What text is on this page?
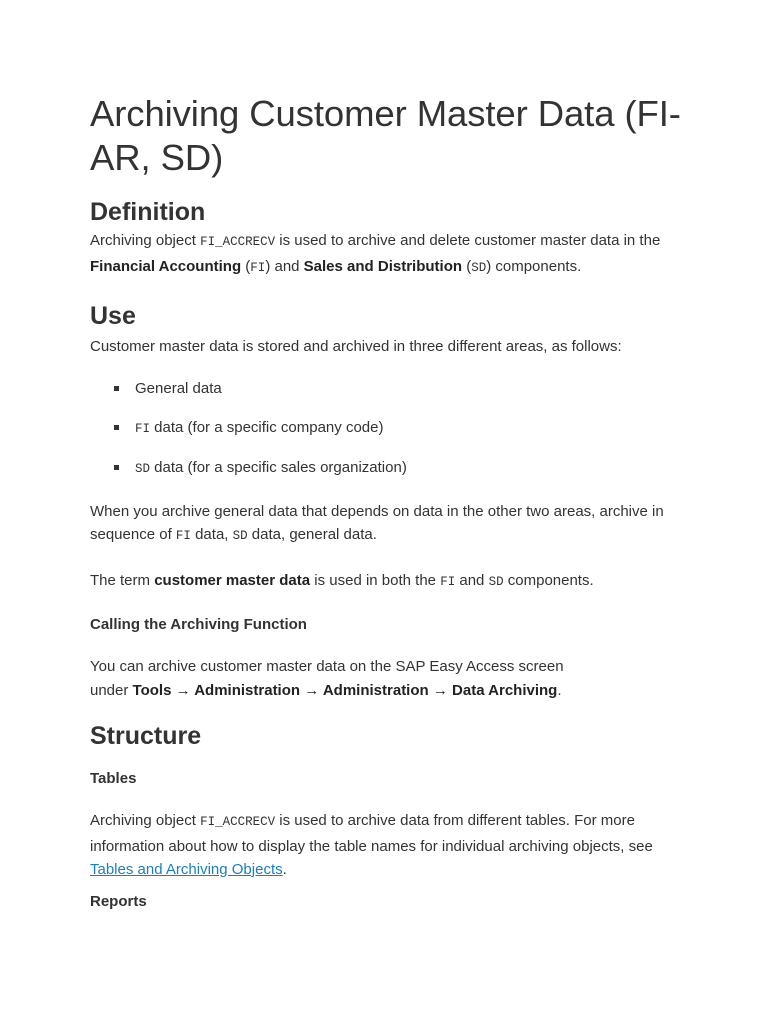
Archiving Customer Master Data (FI-AR, SD)
Definition

Archiving object FI_ACCRECV is used to archive and delete customer master data in the Financial Accounting (FI) and Sales and Distribution (SD) components.

Use

Customer master data is stored and archived in three different areas, as follows:

General data
FI data (for a specific company code)
SD data (for a specific sales organization)

When you archive general data that depends on data in the other two areas, archive in sequence of FI data, SD data, general data.

The term customer master data is used in both the FI and SD components.

Calling the Archiving Function

You can archive customer master data on the SAP Easy Access screen under Tools → Administration → Administration → Data Archiving.

Structure
Tables

Archiving object FI_ACCRECV is used to archive data from different tables. For more information about how to display the table names for individual archiving objects, see Tables and Archiving Objects.

Reports
